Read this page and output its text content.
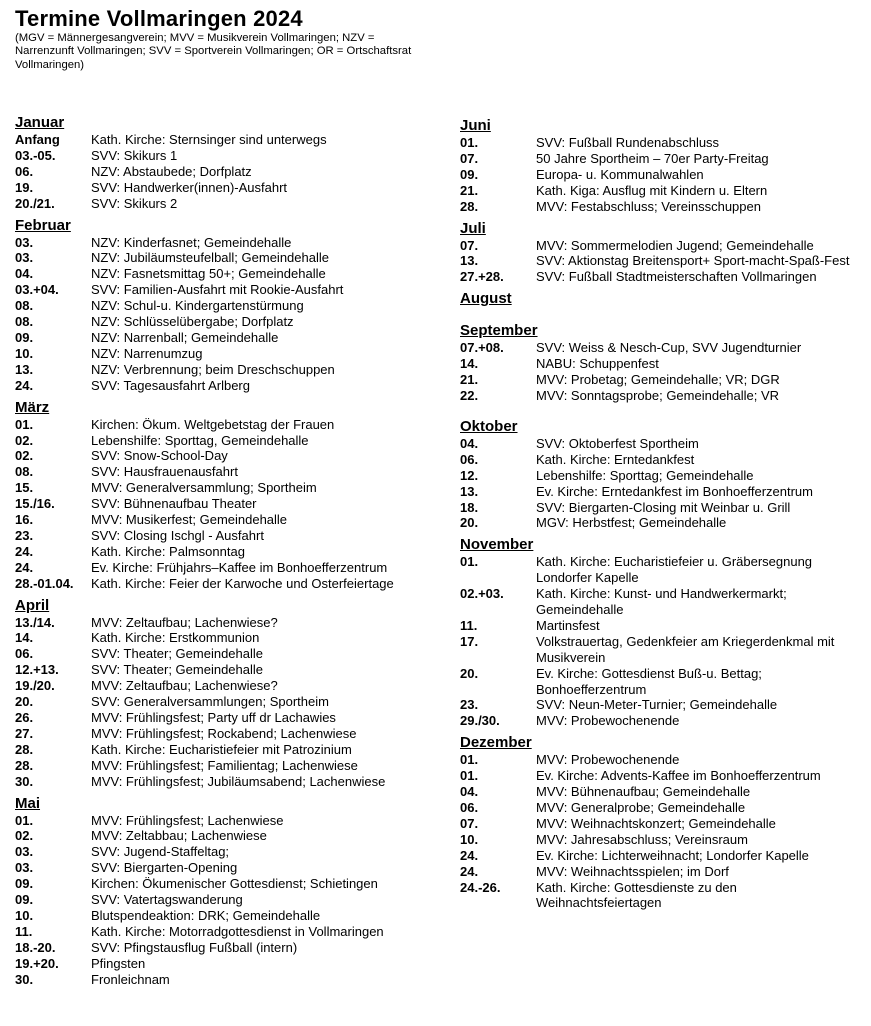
Termine Vollmaringen 2024
(MGV = Männergesangverein; MVV = Musikverein Vollmaringen; NZV = Narrenzunft Vollmaringen; SVV = Sportverein Vollmaringen; OR = Ortschaftsrat Vollmaringen)
Januar
Anfang	Kath. Kirche: Sternsinger sind unterwegs
03.-05.	SVV: Skikurs 1
06.	NZV: Abstaubede; Dorfplatz
19.	SVV: Handwerker(innen)-Ausfahrt
20./21.	SVV: Skikurs 2
Februar
03.	NZV: Kinderfasnet; Gemeindehalle
03.	NZV: Jubiläumsteufelball; Gemeindehalle
04.	NZV: Fasnetsmittag 50+; Gemeindehalle
03.+04.	SVV: Familien-Ausfahrt mit Rookie-Ausfahrt
08.	NZV: Schul-u. Kindergartenstürmung
08.	NZV: Schlüsselübergabe; Dorfplatz
09.	NZV: Narrenball; Gemeindehalle
10.	NZV: Narrenumzug
13.	NZV: Verbrennung; beim Dreschschuppen
24.	SVV: Tagesausfahrt Arlberg
März
01.	Kirchen: Ökum. Weltgebetstag der Frauen
02.	Lebenshilfe: Sporttag, Gemeindehalle
02.	SVV: Snow-School-Day
08.	SVV: Hausfrauenausfahrt
15.	MVV: Generalversammlung; Sportheim
15./16.	SVV: Bühnenaufbau Theater
16.	MVV: Musikerfest; Gemeindehalle
23.	SVV: Closing Ischgl - Ausfahrt
24.	Kath. Kirche: Palmsonntag
24.	Ev. Kirche: Frühjahrs–Kaffee im Bonhoefferzentrum
28.-01.04.	Kath. Kirche: Feier der Karwoche und Osterfeiertage
April
13./14.	MVV: Zeltaufbau; Lachenwiese?
14.	Kath. Kirche: Erstkommunion
06.	SVV: Theater; Gemeindehalle
12.+13.	SVV: Theater; Gemeindehalle
19./20.	MVV: Zeltaufbau; Lachenwiese?
20.	SVV: Generalversammlungen; Sportheim
26.	MVV: Frühlingsfest; Party uff dr Lachawies
27.	MVV: Frühlingsfest; Rockabend; Lachenwiese
28.	Kath. Kirche: Eucharistiefeier mit Patrozinium
28.	MVV: Frühlingsfest; Familientag; Lachenwiese
30.	MVV: Frühlingsfest; Jubiläumsabend; Lachenwiese
Mai
01.	MVV: Frühlingsfest; Lachenwiese
02.	MVV: Zeltabbau; Lachenwiese
03.	SVV: Jugend-Staffeltag;
03.	SVV: Biergarten-Opening
09.	Kirchen: Ökumenischer Gottesdienst; Schietingen
09.	SVV: Vatertagswanderung
10.	Blutspendeaktion: DRK; Gemeindehalle
11.	Kath. Kirche: Motorradgottesdienst in Vollmaringen
18.-20.	SVV: Pfingstausflug Fußball (intern)
19.+20.	Pfingsten
30.	Fronleichnam
Juni
01.	SVV: Fußball Rundenabschluss
07.	50 Jahre Sportheim – 70er Party-Freitag
09.	Europa- u. Kommunalwahlen
21.	Kath. Kiga: Ausflug mit Kindern u. Eltern
28.	MVV: Festabschluss; Vereinsschuppen
Juli
07.	MVV: Sommermelodien Jugend; Gemeindehalle
13.	SVV: Aktionstag Breitensport+ Sport-macht-Spaß-Fest
27.+28.	SVV: Fußball Stadtmeisterschaften Vollmaringen
August
September
07.+08.	SVV: Weiss & Nesch-Cup, SVV Jugendturnier
14.	NABU: Schuppenfest
21.	MVV: Probetag; Gemeindehalle; VR; DGR
22.	MVV: Sonntagsprobe; Gemeindehalle; VR
Oktober
04.	SVV: Oktoberfest Sportheim
06.	Kath. Kirche: Erntedankfest
12.	Lebenshilfe: Sporttag; Gemeindehalle
13.	Ev. Kirche: Erntedankfest im Bonhoefferzentrum
18.	SVV: Biergarten-Closing mit Weinbar u. Grill
20.	MGV: Herbstfest; Gemeindehalle
November
01.	Kath. Kirche: Eucharistiefeier u. Gräbersegnung Londorfer Kapelle
02.+03.	Kath. Kirche: Kunst- und Handwerkermarkt; Gemeindehalle
11.	Martinsfest
17.	Volkstrauertag, Gedenkfeier am Kriegerdenkmal mit Musikverein
20.	Ev. Kirche: Gottesdienst Buß-u. Bettag; Bonhoefferzentrum
23.	SVV: Neun-Meter-Turnier; Gemeindehalle
29./30.	MVV: Probewochenende
Dezember
01.	MVV: Probewochenende
01.	Ev. Kirche: Advents-Kaffee im Bonhoefferzentrum
04.	MVV: Bühnenaufbau; Gemeindehalle
06.	MVV: Generalprobe; Gemeindehalle
07.	MVV: Weihnachtskonzert; Gemeindehalle
10.	MVV: Jahresabschluss; Vereinsraum
24.	Ev. Kirche: Lichterweihnacht; Londorfer Kapelle
24.	MVV: Weihnachtsspielen; im Dorf
24.-26.	Kath. Kirche: Gottesdienste zu den Weihnachtsfeiertagen
